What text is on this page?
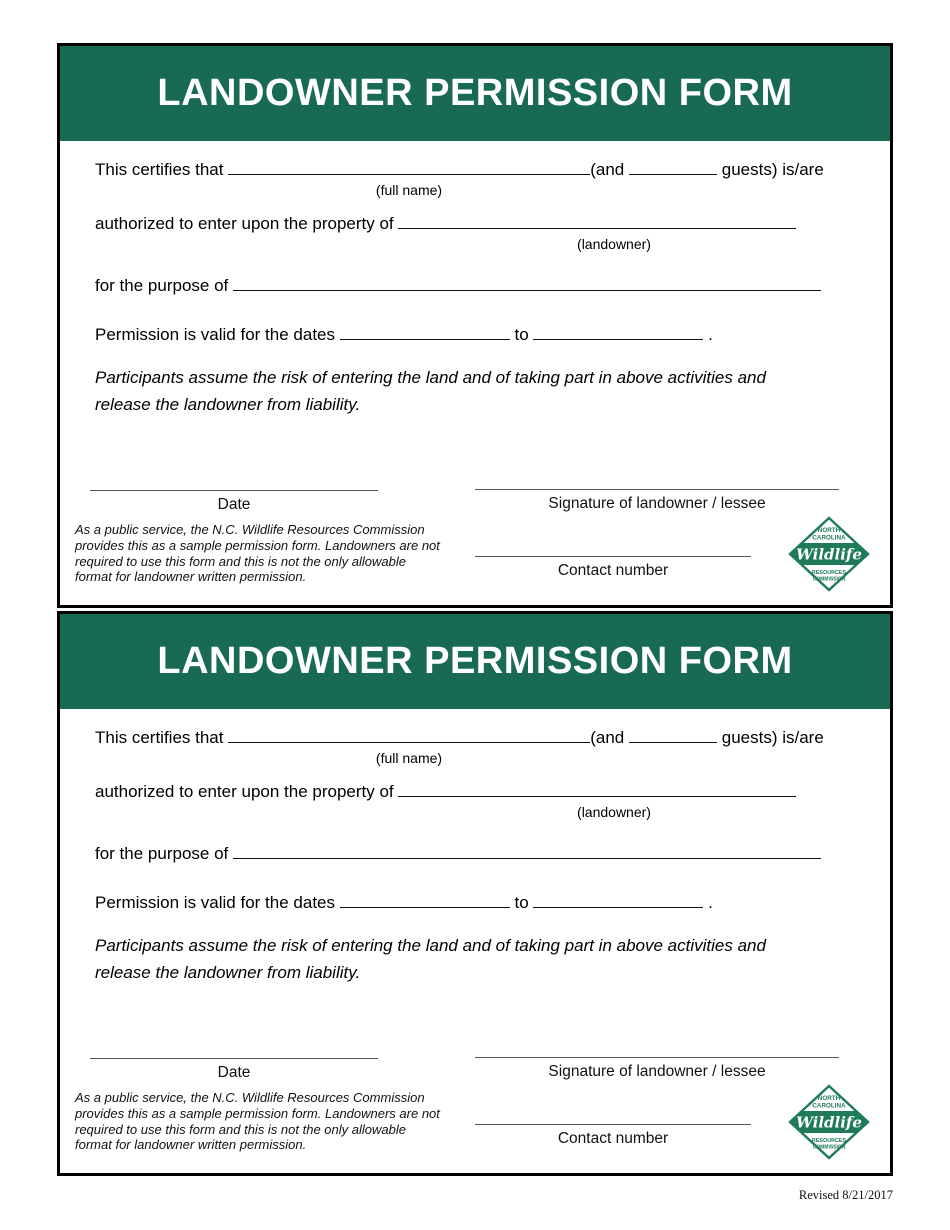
LANDOWNER PERMISSION FORM
This certifies that	(and	guests) is/are
(full name)
authorized to enter upon the property of
(landowner)
for the purpose of
Permission is valid for the dates	to	.
Participants assume the risk of entering the land and of taking part in above activities and
release the landowner from liability.
Date
As a public service, the N.C. Wildlife Resources Commission
provides this as a sample permission form. Landowners are not
required to use this form and this is not the only allowable
format for landowner written permission.
Signature of landowner / lessee
Contact number
NORTH
CAROLINA
Wildlife
RESOURCES
COMMISSION
LANDOWNER PERMISSION FORM
This certifies that	(and	guests) is/are
(full name)
authorized to enter upon the property of
(landowner)
for the purpose of
Permission is valid for the dates	to	.
Participants assume the risk of entering the land and of taking part in above activities and
release the landowner from liability.
Date
As a public service, the N.C. Wildlife Resources Commission
provides this as a sample permission form. Landowners are not
required to use this form and this is not the only allowable
format for landowner written permission.
Signature of landowner / lessee
Contact number
NORTH
CAROLINA
Wildlife
RESOURCES
COMMISSION
Revised 8/21/2017
